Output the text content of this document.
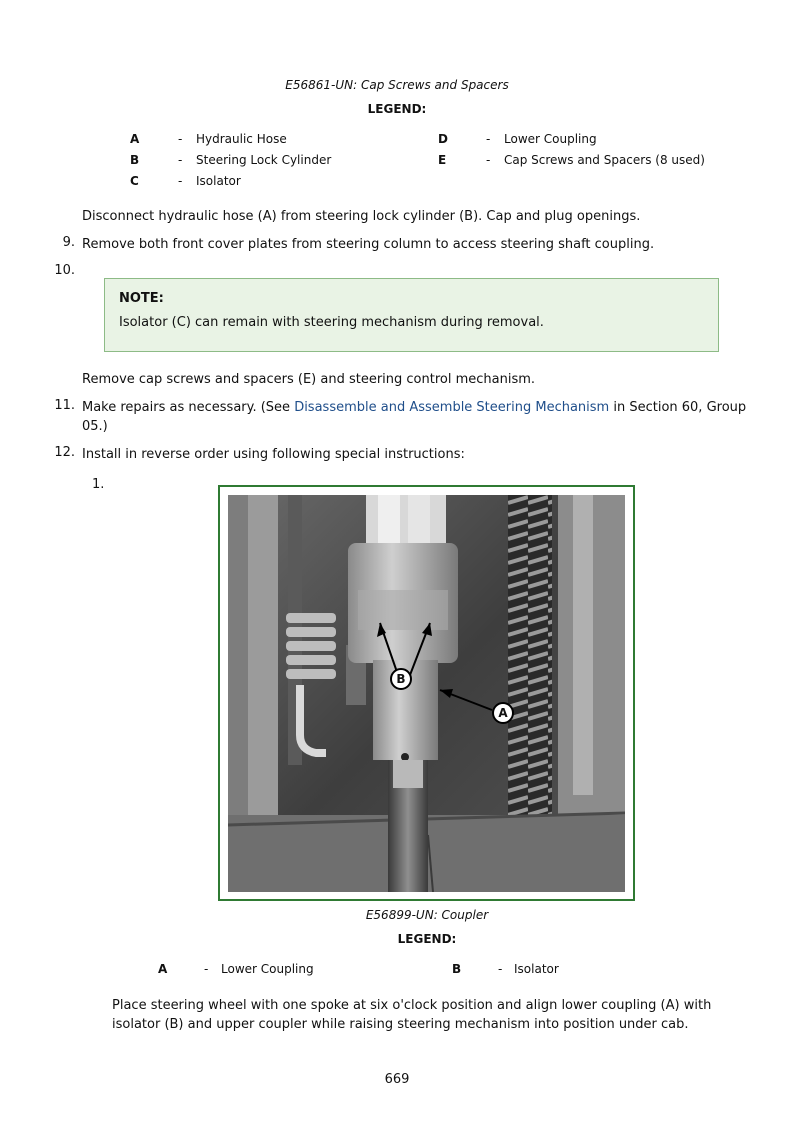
E56861-UN: Cap Screws and Spacers
LEGEND:
A	- Hydraulic Hose
B	- Steering Lock Cylinder
C	- Isolator
D	- Lower Coupling
E	- Cap Screws and Spacers (8 used)
Disconnect hydraulic hose (A) from steering lock cylinder (B). Cap and plug openings.
9. Remove both front cover plates from steering column to access steering shaft coupling.
10.
NOTE:
Isolator (C) can remain with steering mechanism during removal.
Remove cap screws and spacers (E) and steering control mechanism.
11. Make repairs as necessary. (See Disassemble and Assemble Steering Mechanism in Section 60, Group
05.)
12. Install in reverse order using following special instructions:
1.
B
A
E56899-UN: Coupler
LEGEND:
A	- Lower Coupling	B	- Isolator
Place steering wheel with one spoke at six o'clock position and align lower coupling (A) with
isolator (B) and upper coupler while raising steering mechanism into position under cab.
669
